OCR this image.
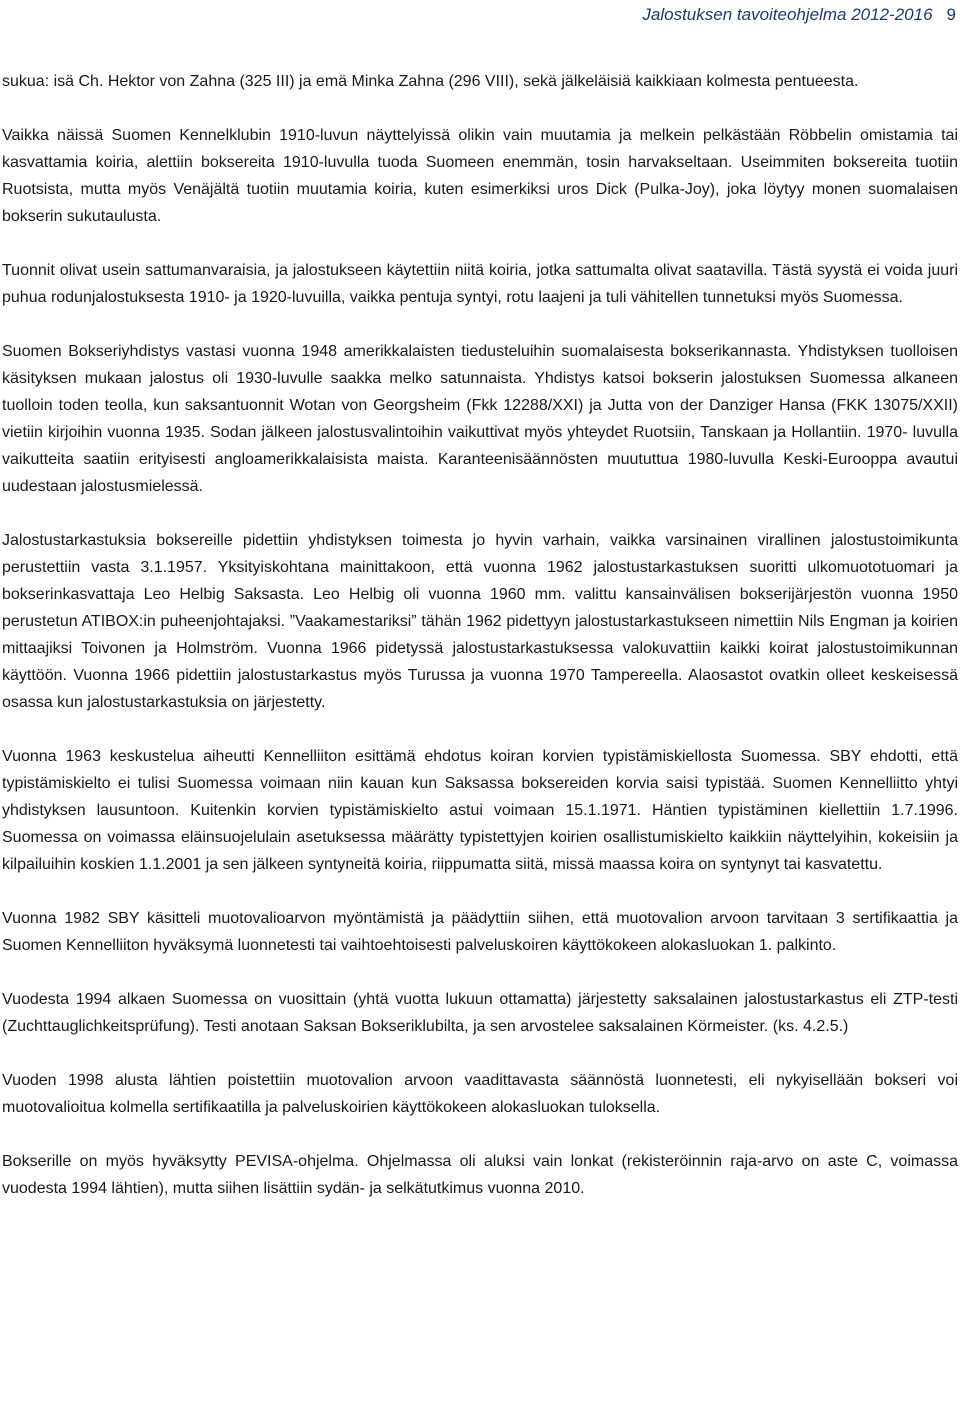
Jalostuksen tavoiteohjelma 2012-2016 9

sukua: isä Ch. Hektor von Zahna (325 III) ja emä Minka Zahna (296 VIII), sekä jälkeläisiä kaikkiaan kolmesta pentueesta.

Vaikka näissä Suomen Kennelklubin 1910-luvun näyttelyissä olikin vain muutamia ja melkein pelkästään Röbbelin omistamia tai kasvattamia koiria, alettiin boksereita 1910-luvulla tuoda Suomeen enemmän, tosin harvakseltaan. Useimmiten boksereita tuotiin Ruotsista, mutta myös Venäjältä tuotiin muutamia koiria, kuten esimerkiksi uros Dick (Pulka-Joy), joka löytyy monen suomalaisen bokserin sukutaulusta.

Tuonnit olivat usein sattumanvaraisia, ja jalostukseen käytettiin niitä koiria, jotka sattumalta olivat saatavilla. Tästä syystä ei voida juuri puhua rodunjalostuksesta 1910- ja 1920-luvuilla, vaikka pentuja syntyi, rotu laajeni ja tuli vähitellen tunnetuksi myös Suomessa.

Suomen Bokseriyhdistys vastasi vuonna 1948 amerikkalaisten tiedusteluihin suomalaisesta bokserikannasta. Yhdistyksen tuolloisen käsityksen mukaan jalostus oli 1930-luvulle saakka melko satunnaista. Yhdistys katsoi bokserin jalostuksen Suomessa alkaneen tuolloin toden teolla, kun saksantuonnit Wotan von Georgsheim (Fkk 12288/XXI) ja Jutta von der Danziger Hansa (FKK 13075/XXII) vietiin kirjoihin vuonna 1935. Sodan jälkeen jalostusvalintoihin vaikuttivat myös yhteydet Ruotsiin, Tanskaan ja Hollantiin. 1970- luvulla vaikutteita saatiin erityisesti angloamerikkalaisista maista. Karanteenisäännösten muututtua 1980-luvulla Keski-Eurooppa avautui uudestaan jalostusmielessä.

Jalostustarkastuksia boksereille pidettiin yhdistyksen toimesta jo hyvin varhain, vaikka varsinainen virallinen jalostustoimikunta perustettiin vasta 3.1.1957. Yksityiskohtana mainittakoon, että vuonna 1962 jalostustarkastuksen suoritti ulkomuototuomari ja bokserinkasvattaja Leo Helbig Saksasta. Leo Helbig oli vuonna 1960 mm. valittu kansainvälisen bokserijärjestön vuonna 1950 perustetun ATIBOX:in puheenjohtajaksi. ”Vaakamestariksi” tähän 1962 pidettyyn jalostustarkastukseen nimettiin Nils Engman ja koirien mittaajiksi Toivonen ja Holmström. Vuonna 1966 pidetyssä jalostustarkastuksessa valokuvattiin kaikki koirat jalostustoimikunnan käyttöön. Vuonna 1966 pidettiin jalostustarkastus myös Turussa ja vuonna 1970 Tampereella. Alaosastot ovatkin olleet keskeisessä osassa kun jalostustarkastuksia on järjestetty.

Vuonna 1963 keskustelua aiheutti Kennelliiton esittämä ehdotus koiran korvien typistämiskiellosta Suomessa. SBY ehdotti, että typistämiskielto ei tulisi Suomessa voimaan niin kauan kun Saksassa boksereiden korvia saisi typistää. Suomen Kennelliitto yhtyi yhdistyksen lausuntoon. Kuitenkin korvien typistämiskielto astui voimaan 15.1.1971. Häntien typistäminen kiellettiin 1.7.1996. Suomessa on voimassa eläinsuojelulain asetuksessa määrätty typistettyjen koirien osallistumiskielto kaikkiin näyttelyihin, kokeisiin ja kilpailuihin koskien 1.1.2001 ja sen jälkeen syntyneitä koiria, riippumatta siitä, missä maassa koira on syntynyt tai kasvatettu.

Vuonna 1982 SBY käsitteli muotovalioarvon myöntämistä ja päädyttiin siihen, että muotovalion arvoon tarvitaan 3 sertifikaattia ja Suomen Kennelliiton hyväksymä luonnetesti tai vaihtoehtoisesti palveluskoiren käyttökokeen alokasluokan 1. palkinto.

Vuodesta 1994 alkaen Suomessa on vuosittain (yhtä vuotta lukuun ottamatta) järjestetty saksalainen jalostustarkastus eli ZTP-testi (Zuchttauglichkeitsprüfung). Testi anotaan Saksan Bokseriklubilta, ja sen arvostelee saksalainen Körmeister. (ks. 4.2.5.)

Vuoden 1998 alusta lähtien poistettiin muotovalion arvoon vaadittavasta säännöstä luonnetesti, eli nykyisellään bokseri voi muotovalioitua kolmella sertifikaatilla ja palveluskoirien käyttökokeen alokasluokan tuloksella.

Bokserille on myös hyväksytty PEVISA-ohjelma. Ohjelmassa oli aluksi vain lonkat (rekisteröinnin raja-arvo on aste C, voimassa vuodesta 1994 lähtien), mutta siihen lisättiin sydän- ja selkätutkimus vuonna 2010.
